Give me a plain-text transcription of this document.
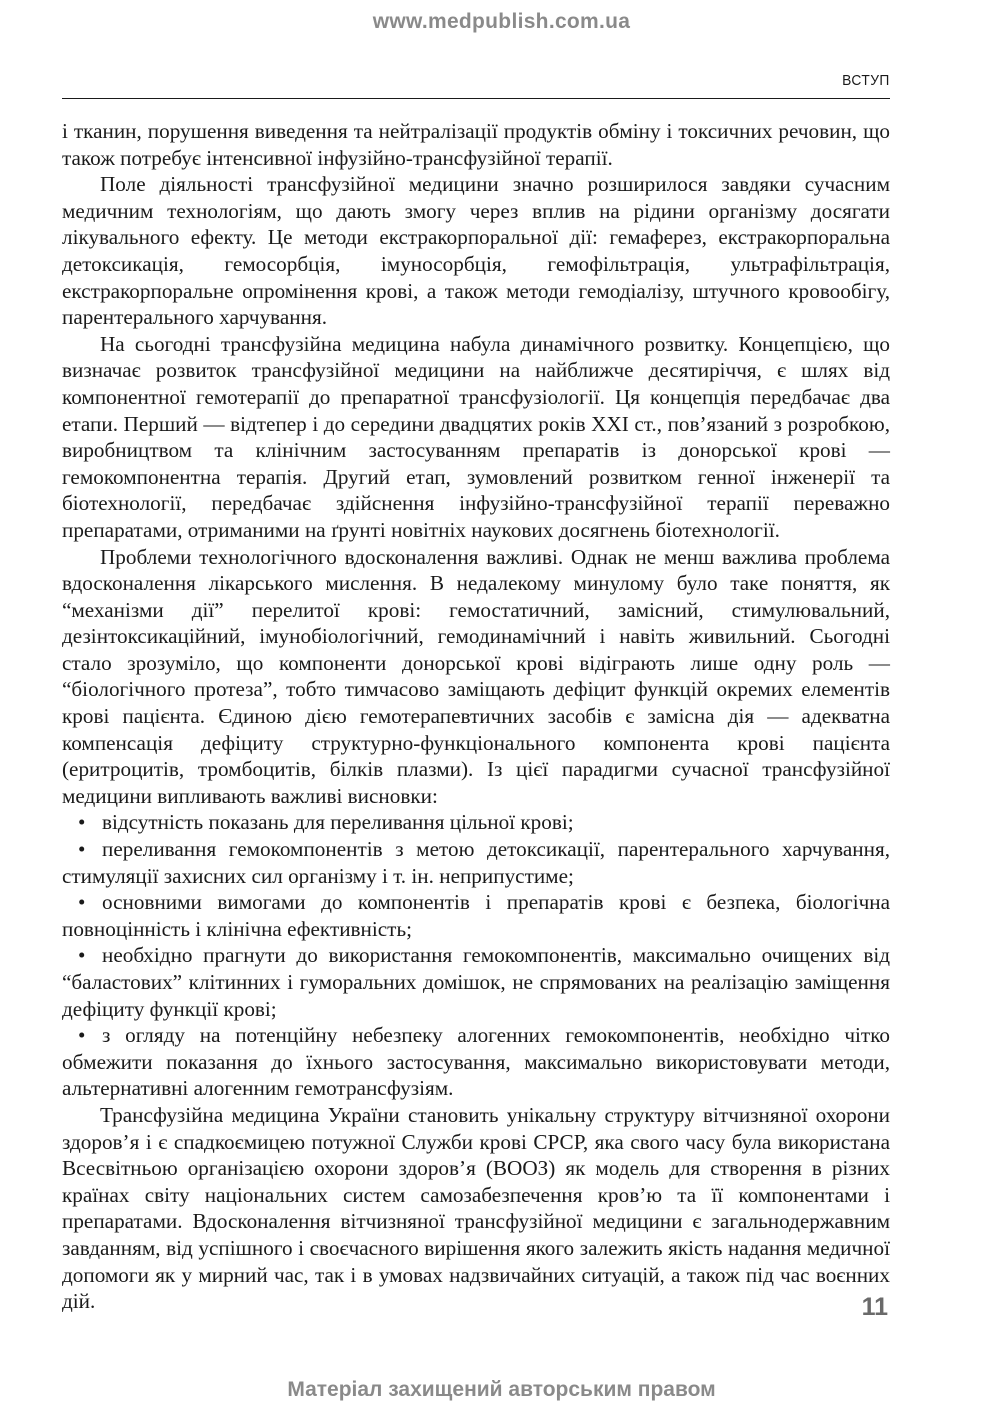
www.medpublish.com.ua
ВСТУП

і тканин, порушення виведення та нейтралізації продуктів обміну і токсичних речовин, що також потребує інтенсивної інфузійно-трансфузійної терапії.

Поле діяльності трансфузійної медицини значно розширилося завдяки сучасним медичним технологіям, що дають змогу через вплив на рідини організму досягати лікувального ефекту. Це методи екстракорпоральної дії: гемаферез, екстракорпоральна детоксикація, гемосорбція, імуносорбція, гемофільтрація, ультрафільтрація, екстракорпоральне опромінення крові, а також методи гемодіалізу, штучного кровообігу, парентерального харчування.

На сьогодні трансфузійна медицина набула динамічного розвитку. Концепцією, що визначає розвиток трансфузійної медицини на найближче десятиріччя, є шлях від компонентної гемотерапії до препаратної трансфузіології. Ця концепція передбачає два етапи. Перший — відтепер і до середини двадцятих років XXI ст., пов’язаний з розробкою, виробництвом та клінічним застосуванням препаратів із донорської крові — гемокомпонентна терапія. Другий етап, зумовлений розвитком генної інженерії та біотехнології, передбачає здійснення інфузійно-трансфузійної терапії переважно препаратами, отриманими на ґрунті новітніх наукових досягнень біотехнології.

Проблеми технологічного вдосконалення важливі. Однак не менш важлива проблема вдосконалення лікарського мислення. В недалекому минулому було таке поняття, як “механізми дії” перелитої крові: гемостатичний, замісний, стимулювальний, дезінтоксикаційний, імунобіологічний, гемодинамічний і навіть живильний. Сьогодні стало зрозуміло, що компоненти донорської крові відіграють лише одну роль — “біологічного протеза”, тобто тимчасово заміщають дефіцит функцій окремих елементів крові пацієнта. Єдиною дією гемотерапевтичних засобів є замісна дія — адекватна компенсація дефіциту структурно-функціонального компонента крові пацієнта (еритроцитів, тромбоцитів, білків плазми). Із цієї парадигми сучасної трансфузійної медицини випливають важливі висновки:

• відсутність показань для переливання цільної крові;
• переливання гемокомпонентів з метою детоксикації, парентерального харчування, стимуляції захисних сил організму і т. ін. неприпустиме;
• основними вимогами до компонентів і препаратів крові є безпека, біологічна повноцінність і клінічна ефективність;
• необхідно прагнути до використання гемокомпонентів, максимально очищених від “баластових” клітинних і гуморальних домішок, не спрямованих на реалізацію заміщення дефіциту функції крові;
• з огляду на потенційну небезпеку алогенних гемокомпонентів, необхідно чітко обмежити показання до їхнього застосування, максимально використовувати методи, альтернативні алогенним гемотрансфузіям.

Трансфузійна медицина України становить унікальну структуру вітчизняної охорони здоров’я і є спадкоємицею потужної Служби крові СРСР, яка свого часу була використана Всесвітньою організацією охорони здоров’я (ВООЗ) як модель для створення в різних країнах світу національних систем самозабезпечення кров’ю та її компонентами і препаратами. Вдосконалення вітчизняної трансфузійної медицини є загальнодержавним завданням, від успішного і своєчасного вирішення якого залежить якість надання медичної допомоги як у мирний час, так і в умовах надзвичайних ситуацій, а також під час воєнних дій.	11
Матеріал захищений авторським правом
